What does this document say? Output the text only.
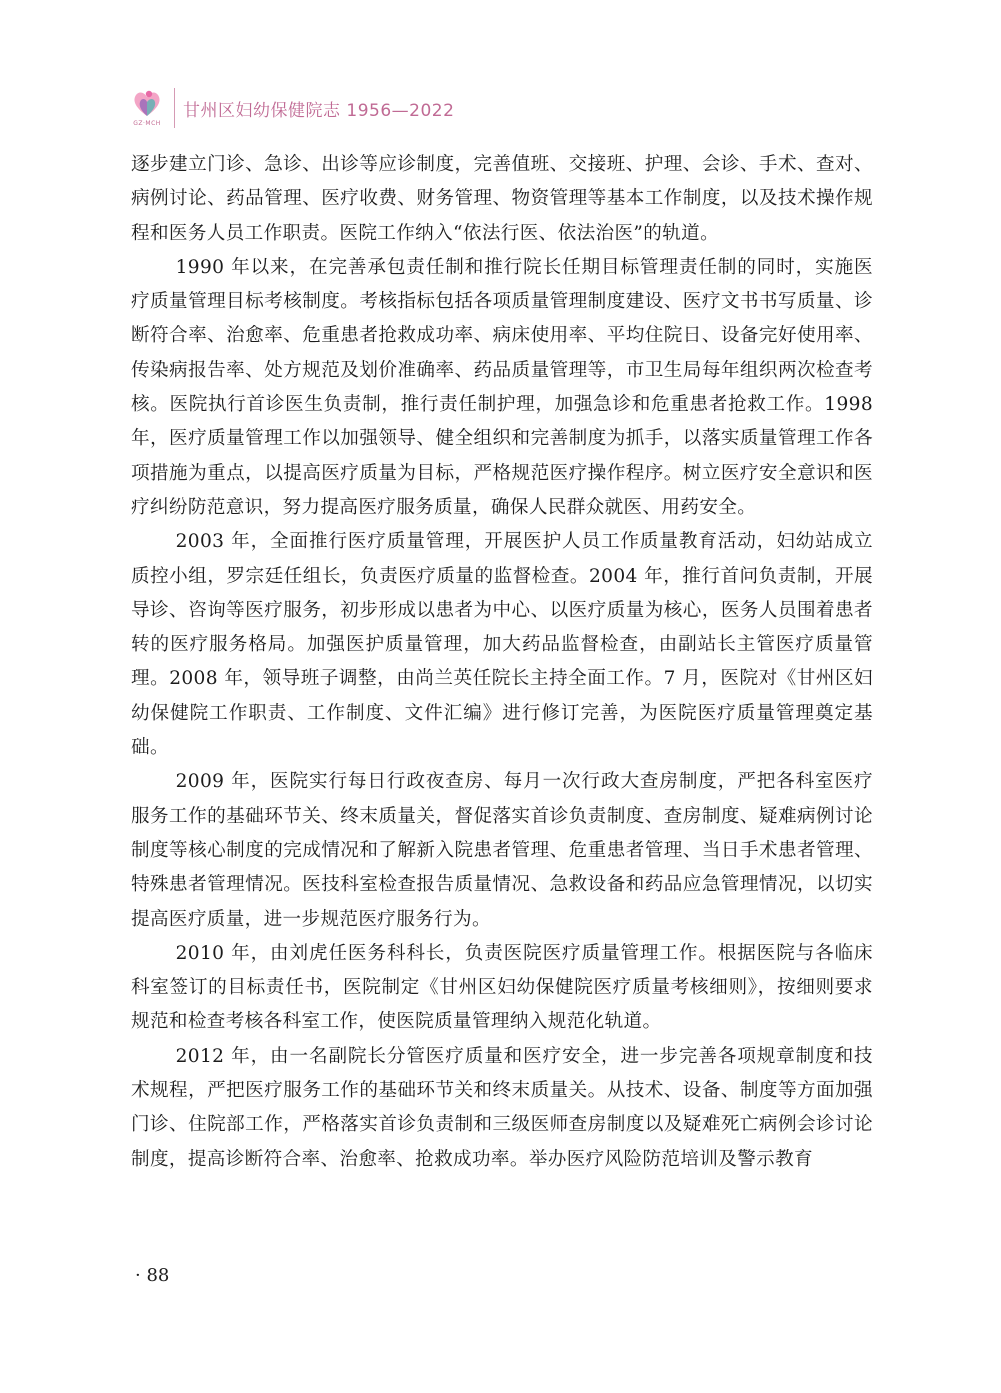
GZ·MCH
甘州区妇幼保健院志 1956—2022

逐步建立门诊、急诊、出诊等应诊制度，完善值班、交接班、护理、会诊、手术、查对、病例讨论、药品管理、医疗收费、财务管理、物资管理等基本工作制度，以及技术操作规程和医务人员工作职责。医院工作纳入“依法行医、依法治医”的轨道。

1990 年以来，在完善承包责任制和推行院长任期目标管理责任制的同时，实施医疗质量管理目标考核制度。考核指标包括各项质量管理制度建设、医疗文书书写质量、诊断符合率、治愈率、危重患者抢救成功率、病床使用率、平均住院日、设备完好使用率、传染病报告率、处方规范及划价准确率、药品质量管理等，市卫生局每年组织两次检查考核。医院执行首诊医生负责制，推行责任制护理，加强急诊和危重患者抢救工作。1998 年，医疗质量管理工作以加强领导、健全组织和完善制度为抓手，以落实质量管理工作各项措施为重点，以提高医疗质量为目标，严格规范医疗操作程序。树立医疗安全意识和医疗纠纷防范意识，努力提高医疗服务质量，确保人民群众就医、用药安全。

2003 年，全面推行医疗质量管理，开展医护人员工作质量教育活动，妇幼站成立质控小组，罗宗廷任组长，负责医疗质量的监督检查。2004 年，推行首问负责制，开展导诊、咨询等医疗服务，初步形成以患者为中心、以医疗质量为核心，医务人员围着患者转的医疗服务格局。加强医护质量管理，加大药品监督检查，由副站长主管医疗质量管理。2008 年，领导班子调整，由尚兰英任院长主持全面工作。7 月，医院对《甘州区妇幼保健院工作职责、工作制度、文件汇编》进行修订完善，为医院医疗质量管理奠定基础。

2009 年，医院实行每日行政夜查房、每月一次行政大查房制度，严把各科室医疗服务工作的基础环节关、终末质量关，督促落实首诊负责制度、查房制度、疑难病例讨论制度等核心制度的完成情况和了解新入院患者管理、危重患者管理、当日手术患者管理、特殊患者管理情况。医技科室检查报告质量情况、急救设备和药品应急管理情况，以切实提高医疗质量，进一步规范医疗服务行为。

2010 年，由刘虎任医务科科长，负责医院医疗质量管理工作。根据医院与各临床科室签订的目标责任书，医院制定《甘州区妇幼保健院医疗质量考核细则》，按细则要求规范和检查考核各科室工作，使医院质量管理纳入规范化轨道。

2012 年，由一名副院长分管医疗质量和医疗安全，进一步完善各项规章制度和技术规程，严把医疗服务工作的基础环节关和终末质量关。从技术、设备、制度等方面加强门诊、住院部工作，严格落实首诊负责制和三级医师查房制度以及疑难死亡病例会诊讨论制度，提高诊断符合率、治愈率、抢救成功率。举办医疗风险防范培训及警示教育

· 88
